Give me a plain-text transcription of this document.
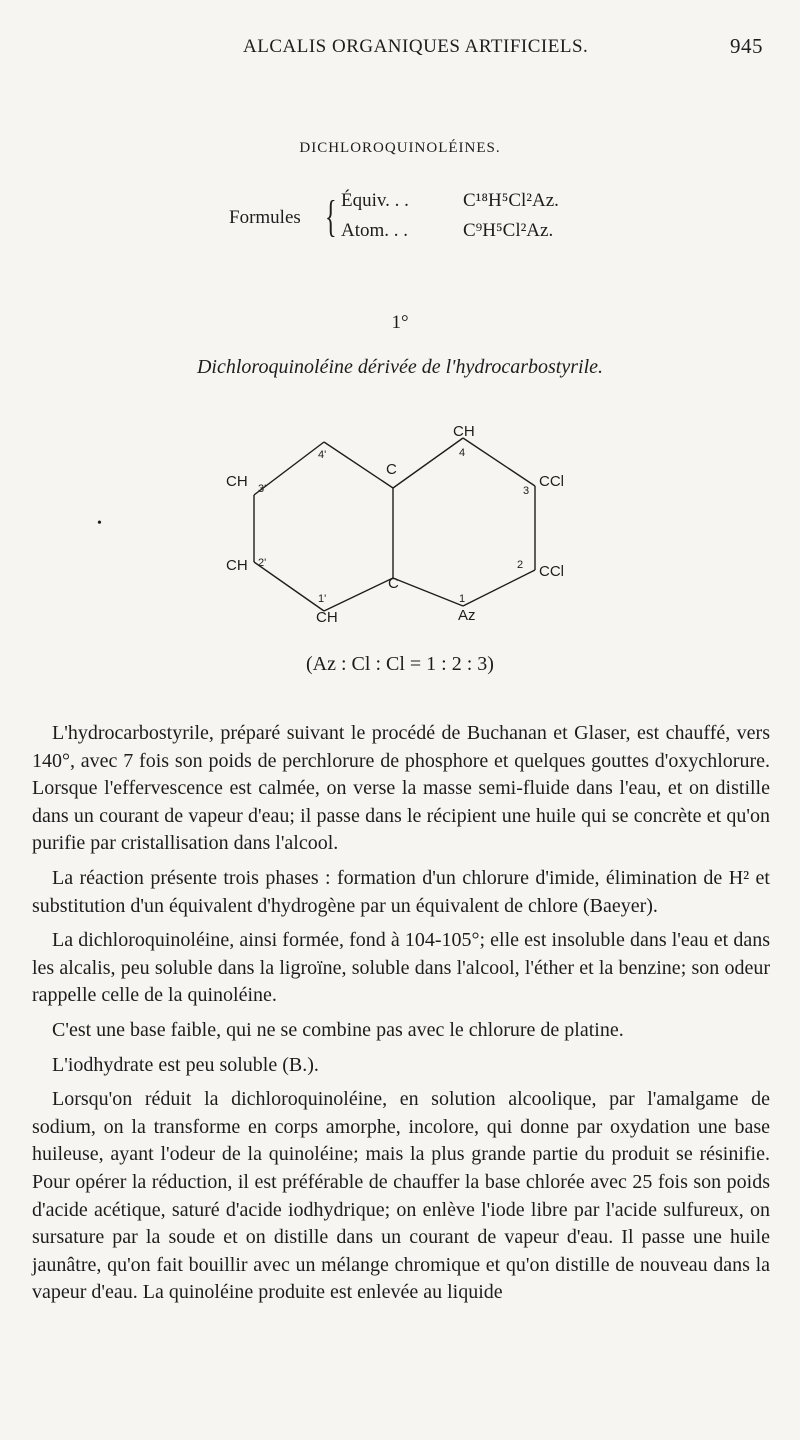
ALCALIS ORGANIQUES ARTIFICIELS.	945
DICHLOROQUINOLÉINES.
Formules { Équiv. . .	C¹⁸H⁵Cl²Az.
Atom. . .	C⁹H⁵Cl²Az.
1°
Dichloroquinoléine dérivée de l'hydrocarbostyrile.
CH
CH
CH
CH
CCl
CCl
Az
C
C
4'
3'
2'
1'
4
3
2
1
•
(Az : Cl : Cl = 1 : 2 : 3)

L'hydrocarbostyrile, préparé suivant le procédé de Buchanan et Glaser, est chauffé, vers 140°, avec 7 fois son poids de perchlorure de phosphore et quelques gouttes d'oxychlorure. Lorsque l'effervescence est calmée, on verse la masse semi-fluide dans l'eau, et on distille dans un courant de vapeur d'eau; il passe dans le récipient une huile qui se concrète et qu'on purifie par cristallisation dans l'alcool.

La réaction présente trois phases : formation d'un chlorure d'imide, élimination de H² et substitution d'un équivalent d'hydrogène par un équivalent de chlore (Baeyer).

La dichloroquinoléine, ainsi formée, fond à 104-105°; elle est insoluble dans l'eau et dans les alcalis, peu soluble dans la ligroïne, soluble dans l'alcool, l'éther et la benzine; son odeur rappelle celle de la quinoléine.

C'est une base faible, qui ne se combine pas avec le chlorure de platine.

L'iodhydrate est peu soluble (B.).

Lorsqu'on réduit la dichloroquinoléine, en solution alcoolique, par l'amalgame de sodium, on la transforme en corps amorphe, incolore, qui donne par oxydation une base huileuse, ayant l'odeur de la quinoléine; mais la plus grande partie du produit se résinifie. Pour opérer la réduction, il est préférable de chauffer la base chlorée avec 25 fois son poids d'acide acétique, saturé d'acide iodhydrique; on enlève l'iode libre par l'acide sulfureux, on sursature par la soude et on distille dans un courant de vapeur d'eau. Il passe une huile jaunâtre, qu'on fait bouillir avec un mélange chromique et qu'on distille de nouveau dans la vapeur d'eau. La quinoléine produite est enlevée au liquide
